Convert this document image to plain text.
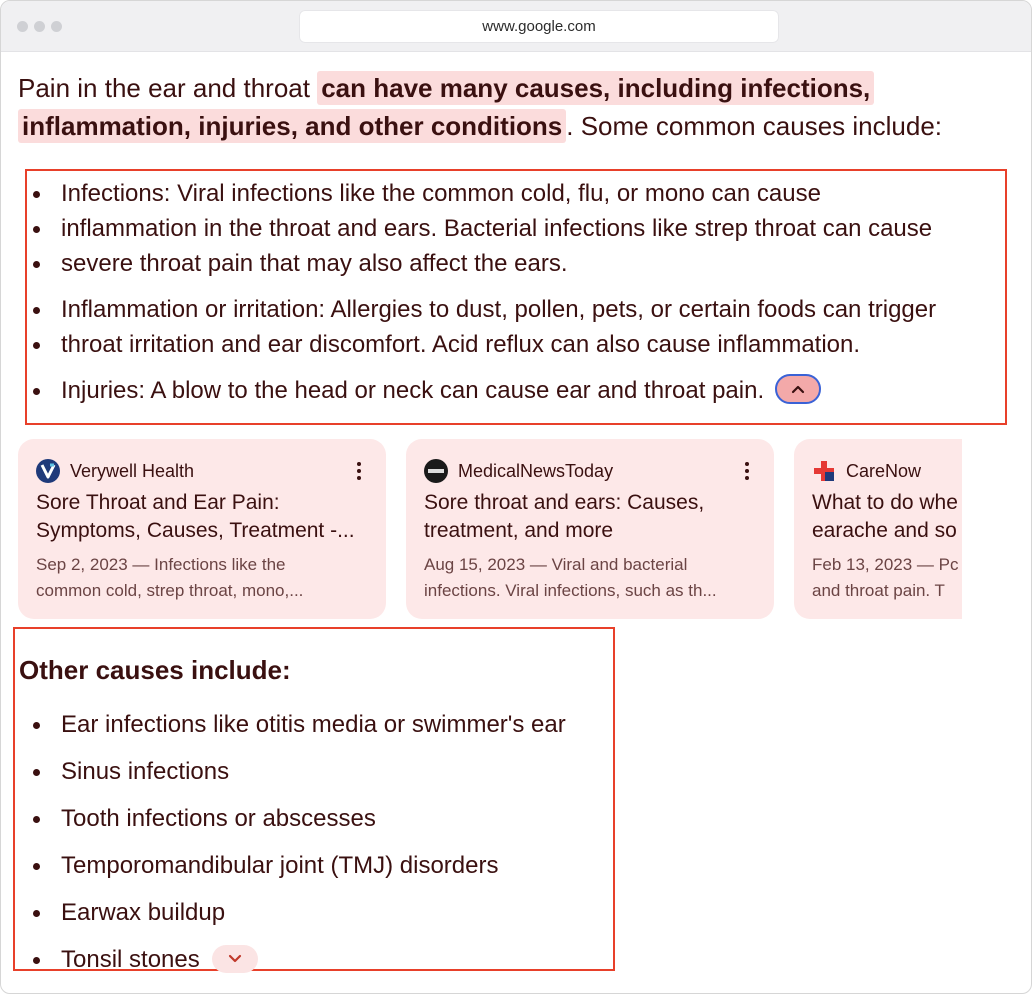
www.google.com
Pain in the ear and throat can have many causes, including infections,
inflammation, injuries, and other conditions . Some common causes include:
Infections: Viral infections like the common cold, flu, or mono can cause
inflammation in the throat and ears. Bacterial infections like strep throat can cause
severe throat pain that may also affect the ears.
Inflammation or irritation: Allergies to dust, pollen, pets, or certain foods can trigger
throat irritation and ear discomfort. Acid reflux can also cause inflammation.
Injuries: A blow to the head or neck can cause ear and throat pain.
Verywell Health
Sore Throat and Ear Pain:
Symptoms, Causes, Treatment -...
Sep 2, 2023 — Infections like the
common cold, strep throat, mono,...
MedicalNewsToday
Sore throat and ears: Causes,
treatment, and more
Aug 15, 2023 — Viral and bacterial
infections. Viral infections, such as th...
CareNow
What to do whe
earache and so
Feb 13, 2023 — Pc
and throat pain. T
Other causes include:
Ear infections like otitis media or swimmer's ear
Sinus infections
Tooth infections or abscesses
Temporomandibular joint (TMJ) disorders
Earwax buildup
Tonsil stones
